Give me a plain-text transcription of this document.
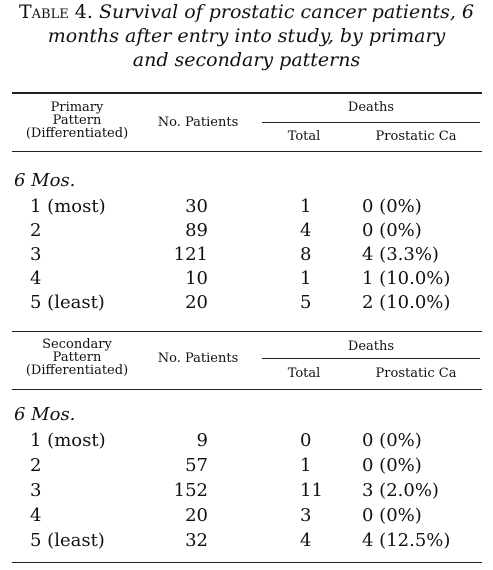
Table 4. Survival of prostatic cancer patients, 6
months after entry into study, by primary
and secondary patterns
Primary
Pattern
(Differentiated)
No. Patients
Deaths
Total	Prostatic Ca
6 Mos.
1 (most)	30	1	0 (0%)
2	89	4	0 (0%)
3	121	8	4 (3.3%)
4	10	1	1 (10.0%)
5 (least)	20	5	2 (10.0%)
Secondary
Pattern
(Differentiated)
No. Patients
Deaths
Total	Prostatic Ca
6 Mos.
1 (most)	9	0	0 (0%)
2	57	1	0 (0%)
3	152	11 3 (2.0%)
4	20	3	0 (0%)
5 (least)	32	4	4 (12.5%)
